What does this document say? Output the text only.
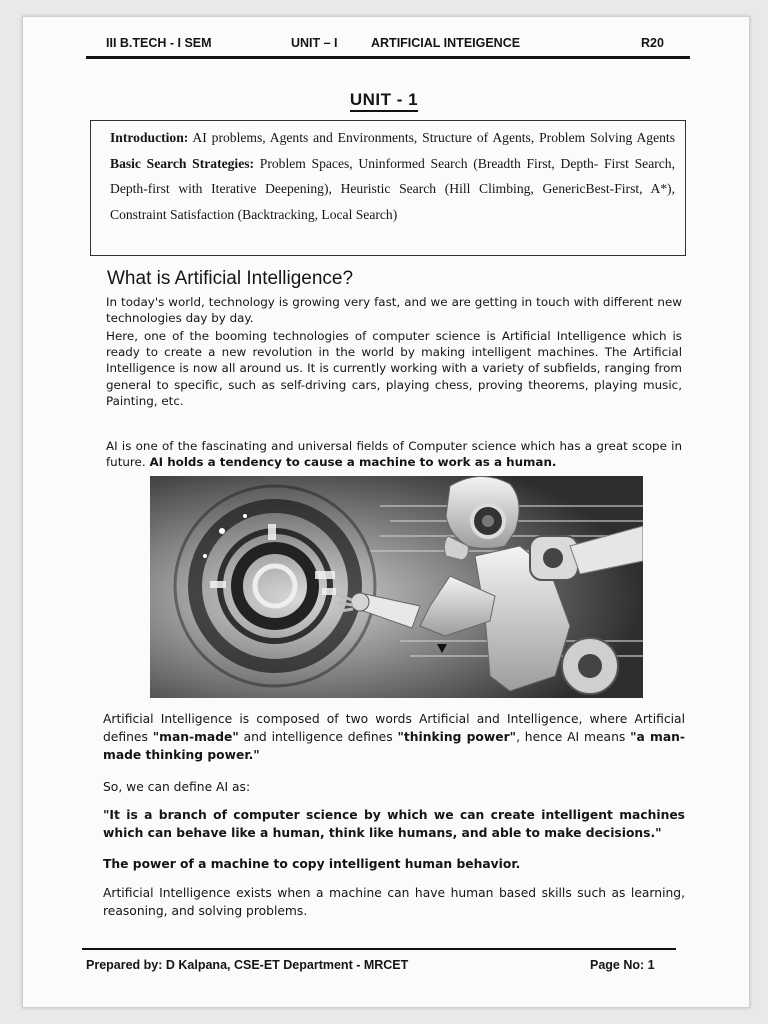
III B.TECH - I SEM	UNIT – I	ARTIFICIAL INTEIGENCE	R20
UNIT - 1
Introduction: AI problems, Agents and Environments, Structure of Agents, Problem Solving Agents Basic Search Strategies: Problem Spaces, Uninformed Search (Breadth First, Depth- First Search, Depth-first with Iterative Deepening), Heuristic Search (Hill Climbing, GenericBest-First, A*), Constraint Satisfaction (Backtracking, Local Search)
What is Artificial Intelligence?
In today's world, technology is growing very fast, and we are getting in touch with different new technologies day by day.
Here, one of the booming technologies of computer science is Artificial Intelligence which is ready to create a new revolution in the world by making intelligent machines. The Artificial Intelligence is now all around us. It is currently working with a variety of subfields, ranging from general to specific, such as self-driving cars, playing chess, proving theorems, playing music, Painting, etc.
AI is one of the fascinating and universal fields of Computer science which has a great scope in future. AI holds a tendency to cause a machine to work as a human.
Artificial Intelligence is composed of two words Artificial and Intelligence, where Artificial defines "man-made" and intelligence defines "thinking power", hence AI means "a man-made thinking power."
So, we can define AI as:
"It is a branch of computer science by which we can create intelligent machines which can behave like a human, think like humans, and able to make decisions."
The power of a machine to copy intelligent human behavior.
Artificial Intelligence exists when a machine can have human based skills such as learning, reasoning, and solving problems.
Prepared by: D Kalpana, CSE-ET Department - MRCET	Page No: 1
